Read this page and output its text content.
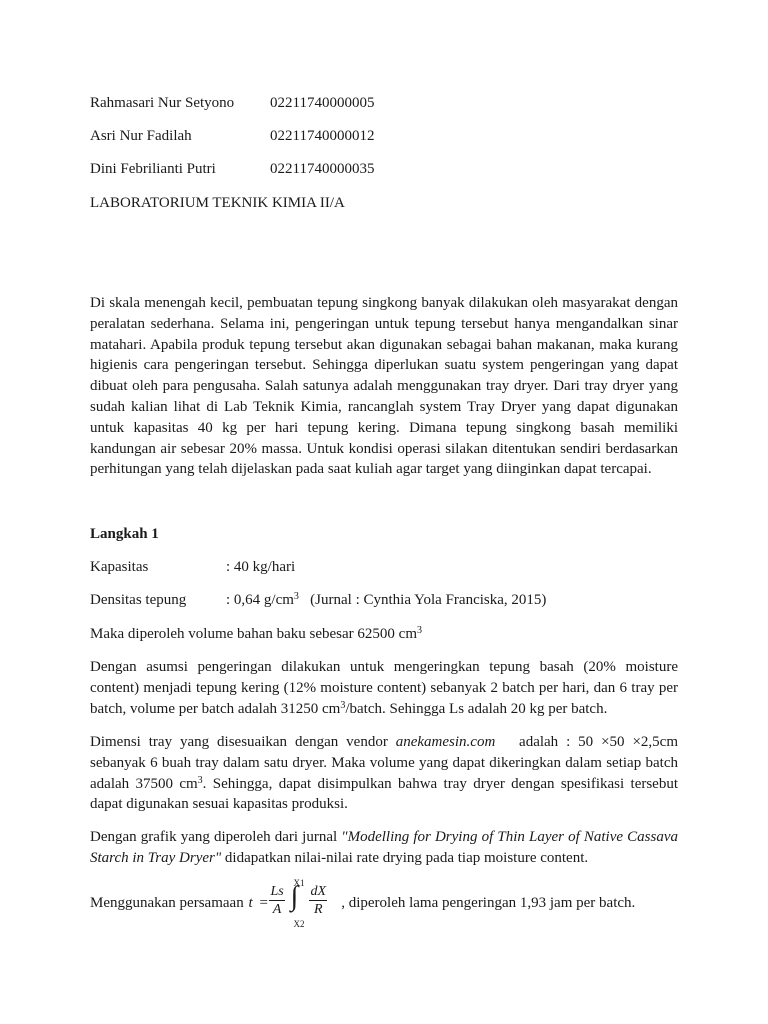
Rahmasari Nur Setyono 02211740000005
Asri Nur Fadilah	02211740000012
Dini Febrilianti Putri	02211740000035
LABORATORIUM TEKNIK KIMIA II/A

Di skala menengah kecil, pembuatan tepung singkong banyak dilakukan oleh masyarakat dengan peralatan sederhana. Selama ini, pengeringan untuk tepung tersebut hanya mengandalkan sinar matahari. Apabila produk tepung tersebut akan digunakan sebagai bahan makanan, maka kurang higienis cara pengeringan tersebut. Sehingga diperlukan suatu system pengeringan yang dapat dibuat oleh para pengusaha. Salah satunya adalah menggunakan tray dryer. Dari tray dryer yang sudah kalian lihat di Lab Teknik Kimia, rancanglah system Tray Dryer yang dapat digunakan untuk kapasitas 40 kg per hari tepung kering. Dimana tepung singkong basah memiliki kandungan air sebesar 20% massa. Untuk kondisi operasi silakan ditentukan sendiri berdasarkan perhitungan yang telah dijelaskan pada saat kuliah agar target yang diinginkan dapat tercapai.

Langkah 1
Kapasitas	: 40 kg/hari
Densitas tepung	: 0,64 $g/cm^3$   (Jurnal : Cynthia Yola Franciska, 2015)
Maka diperoleh volume bahan baku sebesar 62500 $cm^3$

Dengan asumsi pengeringan dilakukan untuk mengeringkan tepung basah (20% moisture content) menjadi tepung kering (12% moisture content) sebanyak 2 batch per hari, dan 6 tray per batch, volume per batch adalah 31250 $cm^3$/batch. Sehingga Ls adalah 20 kg per batch.

Dimensi tray yang disesuaikan dengan vendor anekamesin.com   adalah : 50 ×50 ×2,5cm sebanyak 6 buah tray dalam satu dryer. Maka volume yang dapat dikeringkan dalam setiap batch adalah 37500 $cm^3$. Sehingga, dapat disimpulkan bahwa tray dryer dengan spesifikasi tersebut dapat digunakan sesuai kapasitas produksi.

Dengan grafik yang diperoleh dari jurnal "Modelling for Drying of Thin Layer of Native Cassava Starch in Tray Dryer" didapatkan nilai-nilai rate drying pada tiap moisture content.

Menggunakan persamaan $t = \frac{Ls}{A}$ ∫
X1
X2
$\frac{dX}{R}$ , diperoleh lama pengeringan 1,93 jam per batch.
